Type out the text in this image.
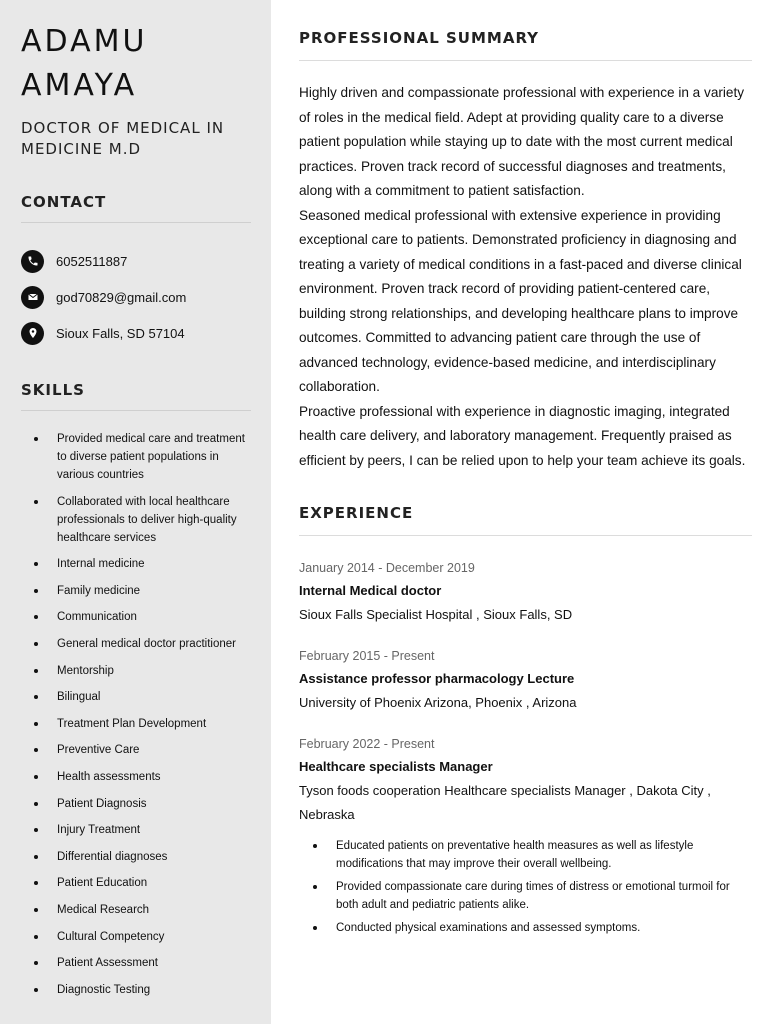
ADAMU
AMAYA
DOCTOR OF MEDICAL IN MEDICINE M.D
CONTACT
6052511887
god70829@gmail.com
Sioux Falls, SD 57104
SKILLS
Provided medical care and treatment to diverse patient populations in various countries
Collaborated with local healthcare professionals to deliver high-quality healthcare services
Internal medicine
Family medicine
Communication
General medical doctor practitioner
Mentorship
Bilingual
Treatment Plan Development
Preventive Care
Health assessments
Patient Diagnosis
Injury Treatment
Differential diagnoses
Patient Education
Medical Research
Cultural Competency
Patient Assessment
Diagnostic Testing
PROFESSIONAL SUMMARY

Highly driven and compassionate professional with experience in a variety of roles in the medical field. Adept at providing quality care to a diverse patient population while staying up to date with the most current medical practices. Proven track record of successful diagnoses and treatments, along with a commitment to patient satisfaction.

Seasoned medical professional with extensive experience in providing exceptional care to patients. Demonstrated proficiency in diagnosing and treating a variety of medical conditions in a fast-paced and diverse clinical environment. Proven track record of providing patient-centered care, building strong relationships, and developing healthcare plans to improve outcomes. Committed to advancing patient care through the use of advanced technology, evidence-based medicine, and interdisciplinary collaboration.

Proactive professional with experience in diagnostic imaging, integrated health care delivery, and laboratory management. Frequently praised as efficient by peers, I can be relied upon to help your team achieve its goals.

EXPERIENCE
January 2014 - December 2019
Internal Medical doctor
Sioux Falls Specialist Hospital , Sioux Falls, SD
February 2015 - Present
Assistance professor pharmacology Lecture
University of Phoenix Arizona, Phoenix , Arizona
February 2022 - Present
Healthcare specialists Manager
Tyson foods cooperation Healthcare specialists Manager , Dakota City , Nebraska
Educated patients on preventative health measures as well as lifestyle modifications that may improve their overall wellbeing.
Provided compassionate care during times of distress or emotional turmoil for both adult and pediatric patients alike.
Conducted physical examinations and assessed symptoms.
